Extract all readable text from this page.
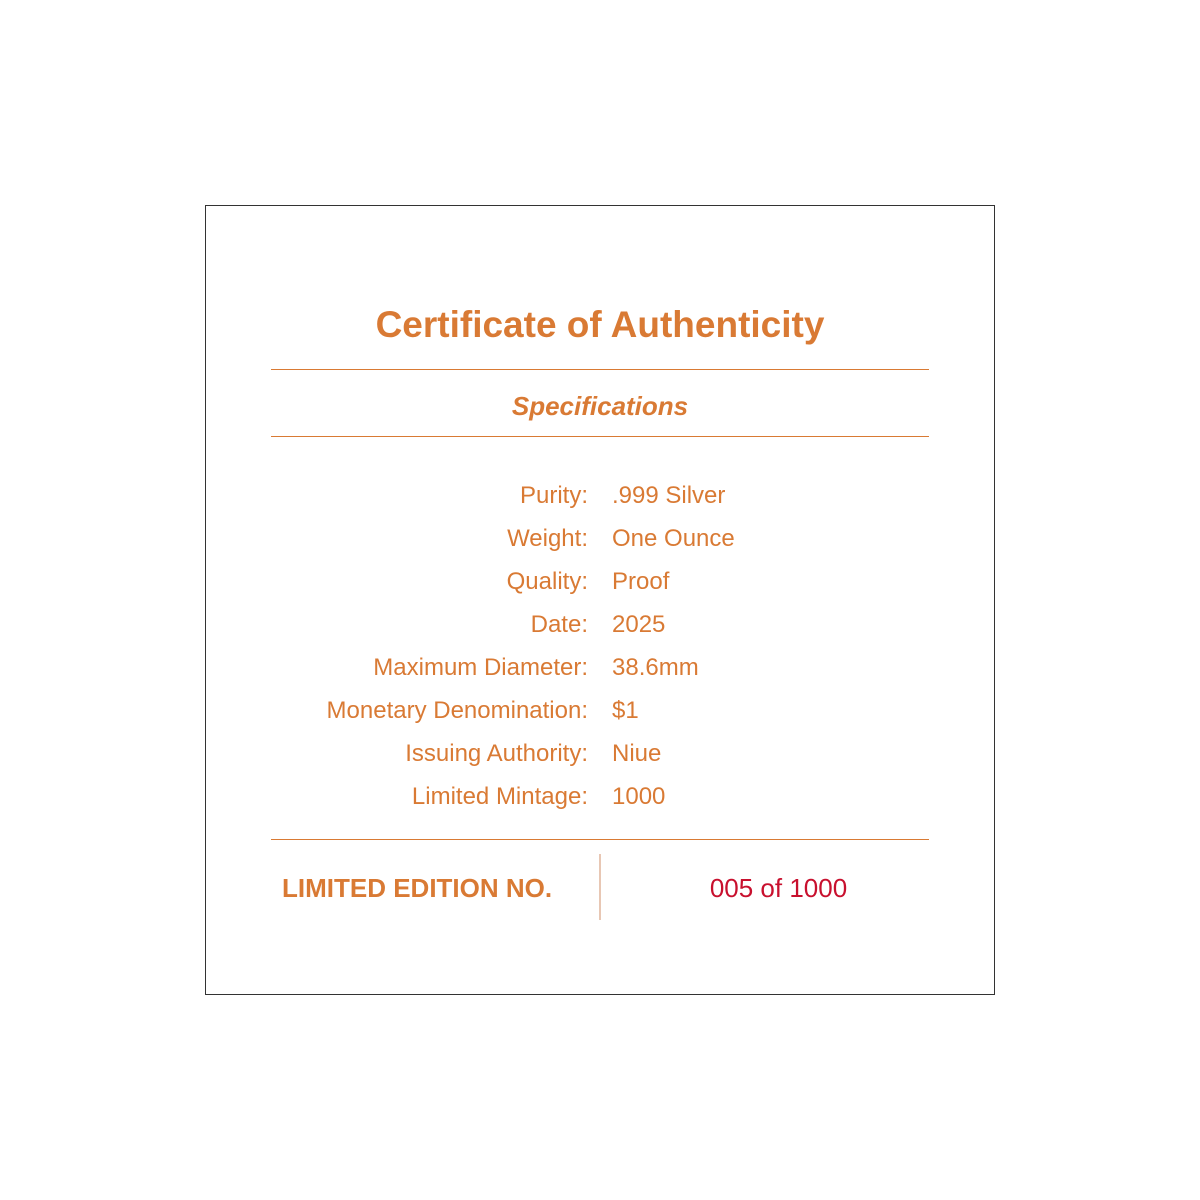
Certificate of Authenticity
Specifications
Purity: .999 Silver
Weight: One Ounce
Quality: Proof
Date: 2025
Maximum Diameter: 38.6mm
Monetary Denomination: $1
Issuing Authority: Niue
Limited Mintage: 1000
LIMITED EDITION NO.	005 of 1000
